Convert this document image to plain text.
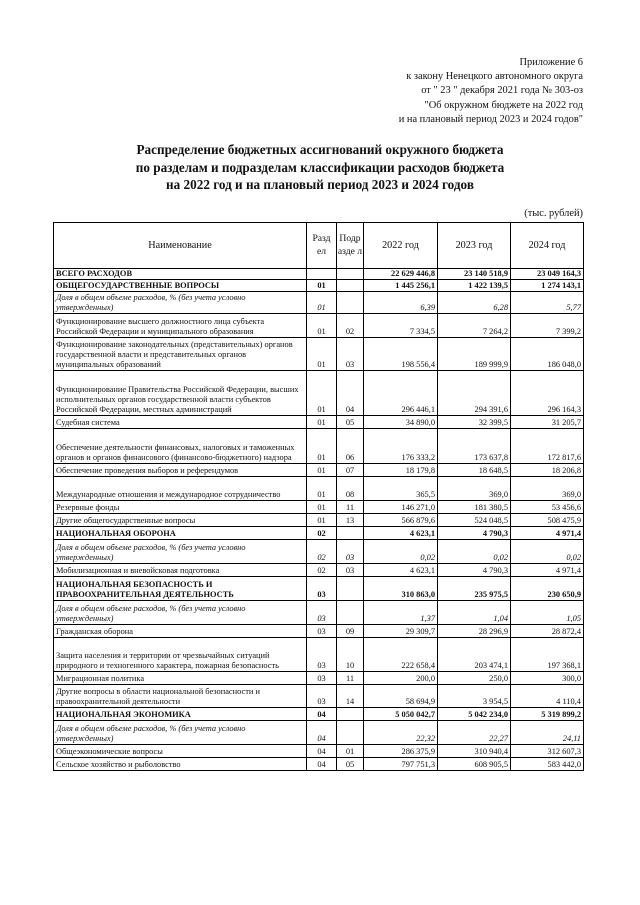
Приложение 6
к закону Ненецкого автономного округа
от " 23 " декабря 2021 года № 303-оз
"Об окружном бюджете на 2022 год
и на плановый период 2023 и 2024 годов"
Распределение бюджетных ассигнований окружного бюджета
по разделам и подразделам классификации расходов бюджета
на 2022 год и на плановый период 2023 и 2024 годов
(тыс. рублей)
Наименование	Разд ел	Подр азде л	2022 год	2023 год	2024 год
ВСЕГО РАСХОДОВ			22 629 446,8	23 140 518,9	23 049 164,3
ОБЩЕГОСУДАРСТВЕННЫЕ ВОПРОСЫ	01		1 445 256,1	1 422 139,5	1 274 143,1
Доля в общем объеме расходов, % (без учета условно утвержденных)	01		6,39	6,28	5,77
Функционирование высшего должностного лица субъекта Российской Федерации и муниципального образования	01	02	7 334,5	7 264,2	7 399,2
Функционирование законодательных (представительных) органов государственной власти и представительных органов муниципальных образований	01	03	198 556,4	189 999,9	186 048,0
Функционирование Правительства Российской Федерации, высших исполнительных органов государственной власти субъектов Российской Федерации, местных администраций	01	04	296 446,1	294 391,6	296 164,3
Судебная система	01	05	34 890,0	32 399,5	31 205,7
Обеспечение деятельности финансовых, налоговых и таможенных органов и органов финансового (финансово-бюджетного) надзора	01	06	176 333,2	173 637,8	172 817,6
Обеспечение проведения выборов и референдумов	01	07	18 179,8	18 648,5	18 206,8
Международные отношения и международное сотрудничество	01	08	365,5	369,0	369,0
Резервные фонды	01	11	146 271,0	181 380,5	53 456,6
Другие общегосударственные вопросы	01	13	566 879,6	524 048,5	508 475,9
НАЦИОНАЛЬНАЯ ОБОРОНА	02		4 623,1	4 790,3	4 971,4
Доля в общем объеме расходов, % (без учета условно утвержденных)	02	03	0,02	0,02	0,02
Мобилизационная и вневойсковая подготовка	02	03	4 623,1	4 790,3	4 971,4
НАЦИОНАЛЬНАЯ БЕЗОПАСНОСТЬ И ПРАВООХРАНИТЕЛЬНАЯ ДЕЯТЕЛЬНОСТЬ	03		310 863,0	235 975,5	230 650,9
Доля в общем объеме расходов, % (без учета условно утвержденных)	03		1,37	1,04	1,05
Гражданская оборона	03	09	29 309,7	28 296,9	28 872,4
Защита населения и территории от чрезвычайных ситуаций природного и техногенного характера, пожарная безопасность	03	10	222 658,4	203 474,1	197 368,1
Миграционная политика	03	11	200,0	250,0	300,0
Другие вопросы в области национальной безопасности и правоохранительной деятельности	03	14	58 694,9	3 954,5	4 110,4
НАЦИОНАЛЬНАЯ ЭКОНОМИКА	04		5 050 042,7	5 042 234,0	5 319 899,2
Доля в общем объеме расходов, % (без учета условно утвержденных)	04		22,32	22,27	24,11
Общеэкономические вопросы	04	01	286 375,9	310 940,4	312 607,3
Сельское хозяйство и рыболовство	04	05	797 751,3	608 905,5	583 442,0
